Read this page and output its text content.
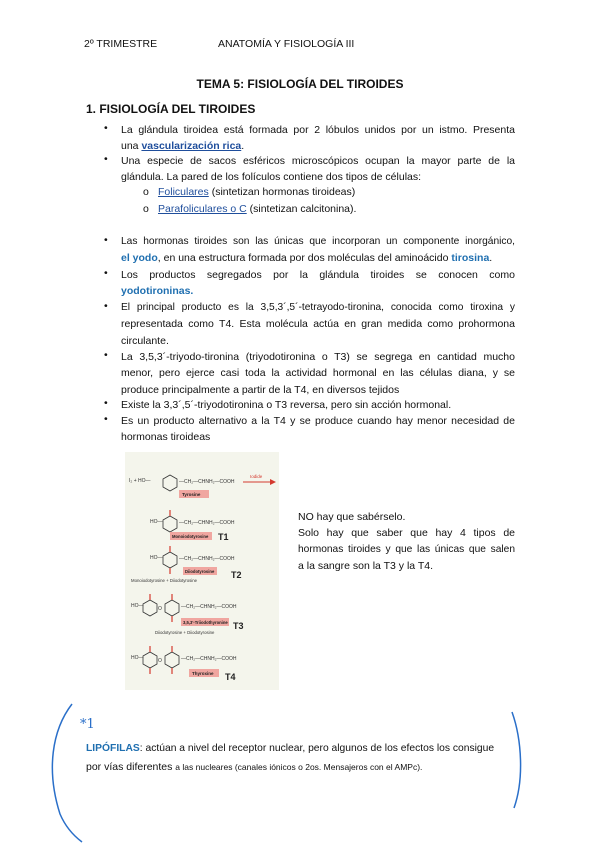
2º TRIMESTRE	ANATOMÍA Y FISIOLOGÍA III
TEMA 5: FISIOLOGÍA DEL TIROIDES
1. FISIOLOGÍA DEL TIROIDES
• La glándula tiroidea está formada por 2 lóbulos unidos por un istmo. Presenta
una vascularización rica.
• Una especie de sacos esféricos microscópicos ocupan la mayor parte de la
glándula. La pared de los folículos contiene dos tipos de células:
o Foliculares (sintetizan hormonas tiroideas)
o Parafoliculares o C (sintetizan calcitonina).
• Las hormonas tiroides son las únicas que incorporan un componente inorgánico,
el yodo, en una estructura formada por dos moléculas del aminoácido tirosina.
• Los productos segregados por la glándula tiroides se conocen como
yodotironinas.
• El principal producto es la 3,5,3´,5´-tetrayodo-tironina, conocida como tiroxina y
representada como T4. Esta molécula actúa en gran medida como prohormona
circulante.
• La 3,5,3´-triyodo-tironina (triyodotironina o T3) se segrega en cantidad mucho
menor, pero ejerce casi toda la actividad hormonal en las células diana, y se
produce principalmente a partir de la T4, en diversos tejidos
• Existe la 3,3´,5´-triyodotironina o T3 reversa, pero sin acción hormonal.
• Es un producto alternativo a la T4 y se produce cuando hay menor necesidad de
hormonas tiroideas
I₂ + HO—	—CH₂—CHNH₂—COOH
Iodide
Tyrosine
HO—	—CH₂—CHNH₂—COOH
Monoiodotyrosine T1
HO—	—CH₂—CHNH₂—COOH
Diiodotyrosine T2
Monoiodotyrosine + Diiodotyrosine
HO—	O	—CH₂—CHNH₂—COOH
3,5,3'-Triiodothyronine T3
Diiodotyrosine + Diiodotyrosine
HO—	O	—CH₂—CHNH₂—COOH
Thyroxine T4
NO hay que sabérselo.
Solo hay que saber que hay 4 tipos de
hormonas tiroides y que las únicas que salen
a la sangre son la T3 y la T4.
*1
LIPÓFILAS: actúan a nivel del receptor nuclear, pero algunos de los efectos los consigue
por vías diferentes a las nucleares (canales iónicos o 2os. Mensajeros con el AMPc).
